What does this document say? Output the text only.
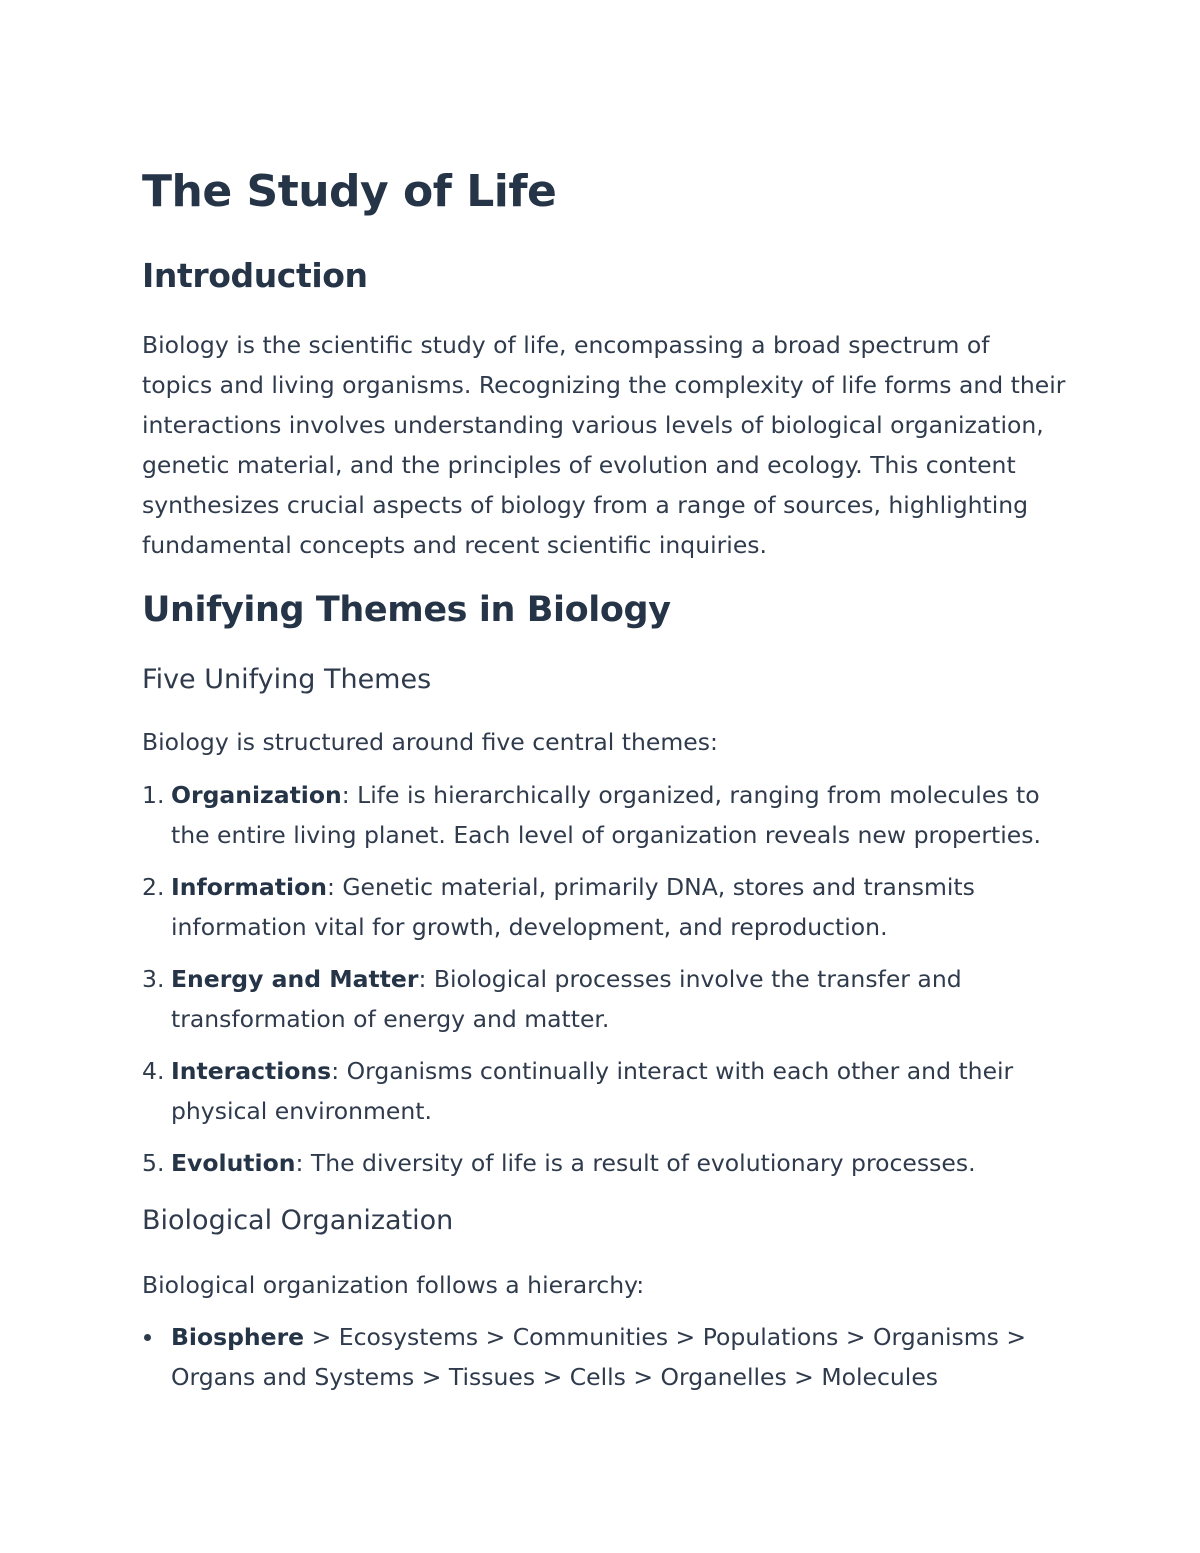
The Study of Life
Introduction

Biology is the scientific study of life, encompassing a broad spectrum of topics and living organisms. Recognizing the complexity of life forms and their interactions involves understanding various levels of biological organization, genetic material, and the principles of evolution and ecology. This content synthesizes crucial aspects of biology from a range of sources, highlighting fundamental concepts and recent scientific inquiries.

Unifying Themes in Biology
Five Unifying Themes

Biology is structured around five central themes:

1. Organization: Life is hierarchically organized, ranging from molecules to the entire living planet. Each level of organization reveals new properties.
2. Information: Genetic material, primarily DNA, stores and transmits information vital for growth, development, and reproduction.
3. Energy and Matter: Biological processes involve the transfer and transformation of energy and matter.
4. Interactions: Organisms continually interact with each other and their physical environment.
5. Evolution: The diversity of life is a result of evolutionary processes.
Biological Organization

Biological organization follows a hierarchy:

Biosphere > Ecosystems > Communities > Populations > Organisms > Organs and Systems > Tissues > Cells > Organelles > Molecules
